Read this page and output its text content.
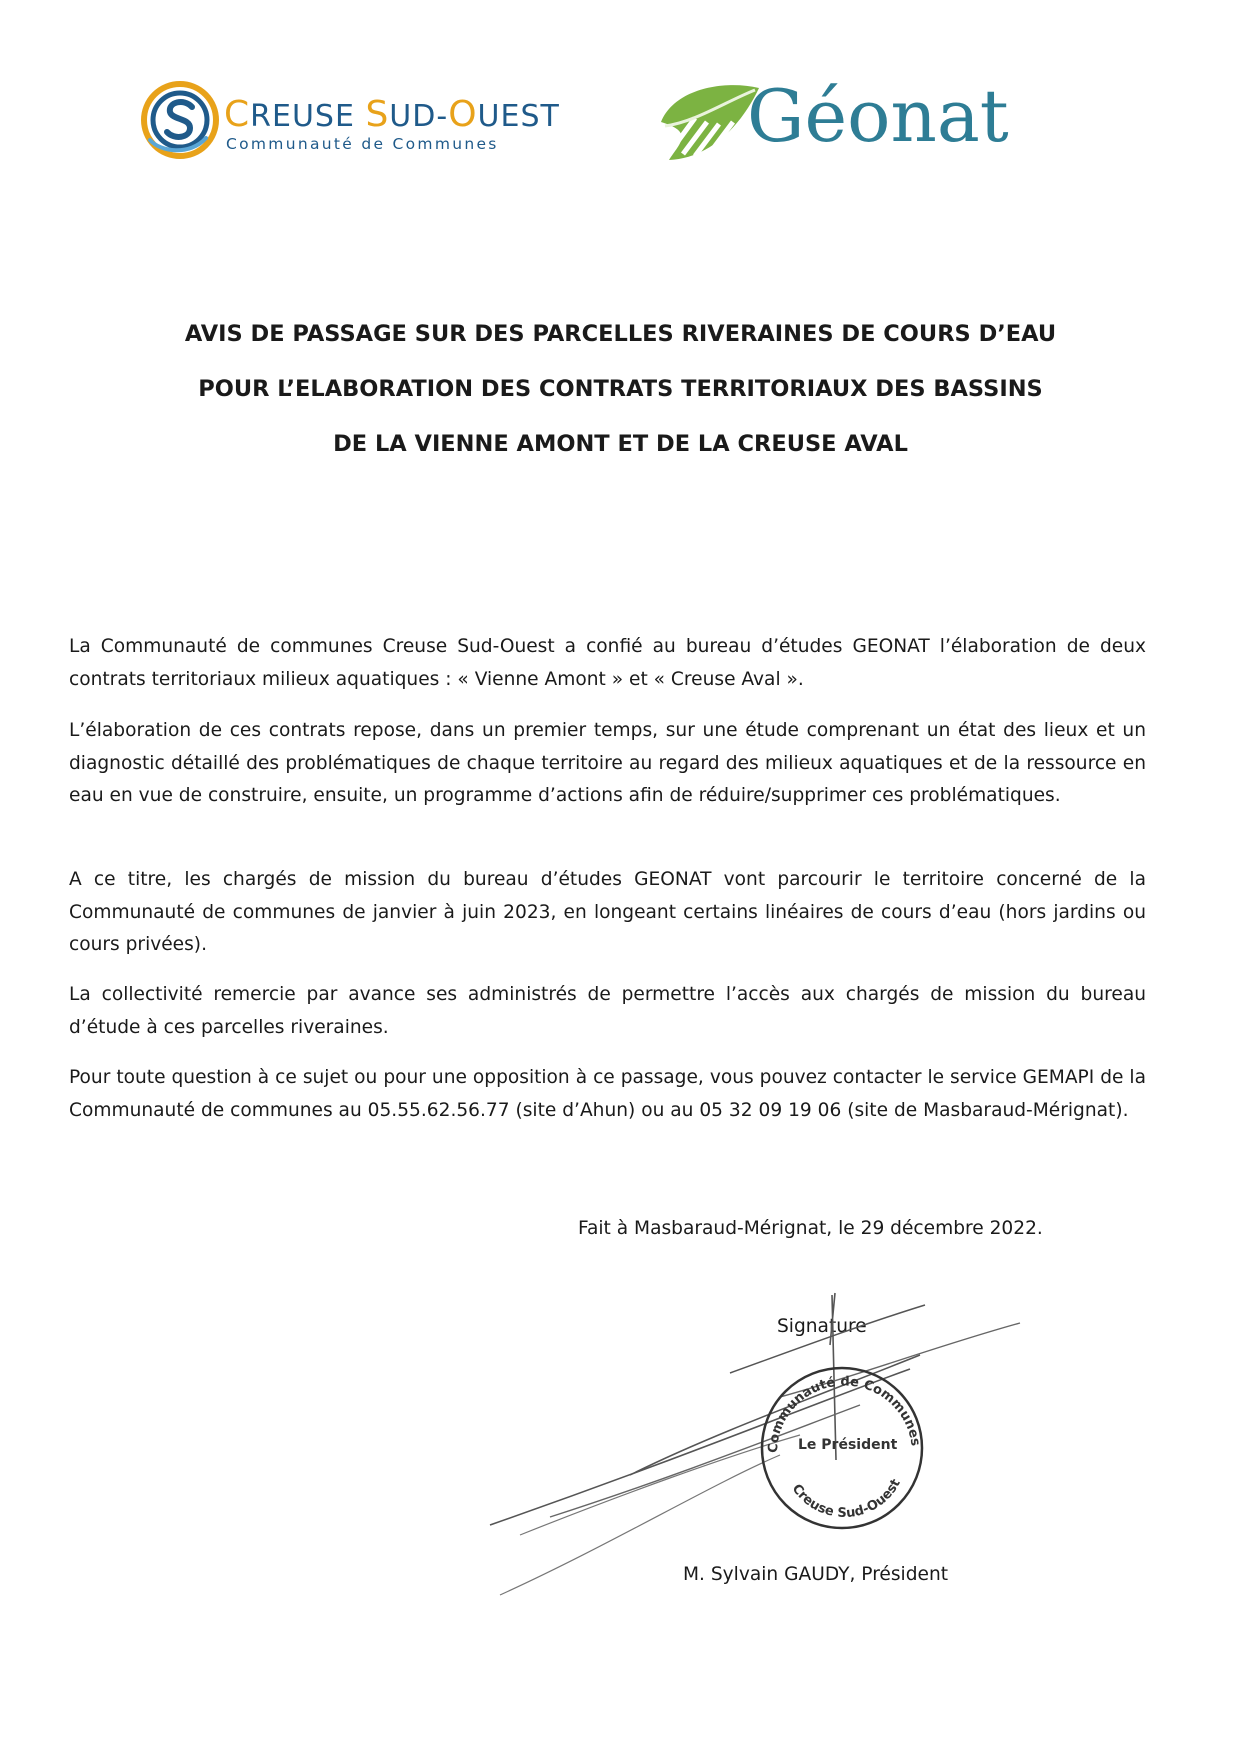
CREUSE SUD-OUEST
Communauté de Communes	Géonat
AVIS DE PASSAGE SUR DES PARCELLES RIVERAINES DE COURS D’EAU
POUR L’ELABORATION DES CONTRATS TERRITORIAUX DES BASSINS
DE LA VIENNE AMONT ET DE LA CREUSE AVAL

La Communauté de communes Creuse Sud-Ouest a confié au bureau d’études GEONAT l’élaboration de deux contrats territoriaux milieux aquatiques : « Vienne Amont » et « Creuse Aval ».

L’élaboration de ces contrats repose, dans un premier temps, sur une étude comprenant un état des lieux et un diagnostic détaillé des problématiques de chaque territoire au regard des milieux aquatiques et de la ressource en eau en vue de construire, ensuite, un programme d’actions afin de réduire/supprimer ces problématiques.

A ce titre, les chargés de mission du bureau d’études GEONAT vont parcourir le territoire concerné de la Communauté de communes de janvier à juin 2023, en longeant certains linéaires de cours d’eau (hors jardins ou cours privées).

La collectivité remercie par avance ses administrés de permettre l’accès aux chargés de mission du bureau d’étude à ces parcelles riveraines.

Pour toute question à ce sujet ou pour une opposition à ce passage, vous pouvez contacter le service GEMAPI de la Communauté de communes au 05.55.62.56.77 (site d’Ahun) ou au 05 32 09 19 06 (site de Masbaraud-Mérignat).

Fait à Masbaraud-Mérignat, le 29 décembre 2022.
Signature
Communauté de Communes
Creuse Sud-Ouest
Le Président
M. Sylvain GAUDY, Président
